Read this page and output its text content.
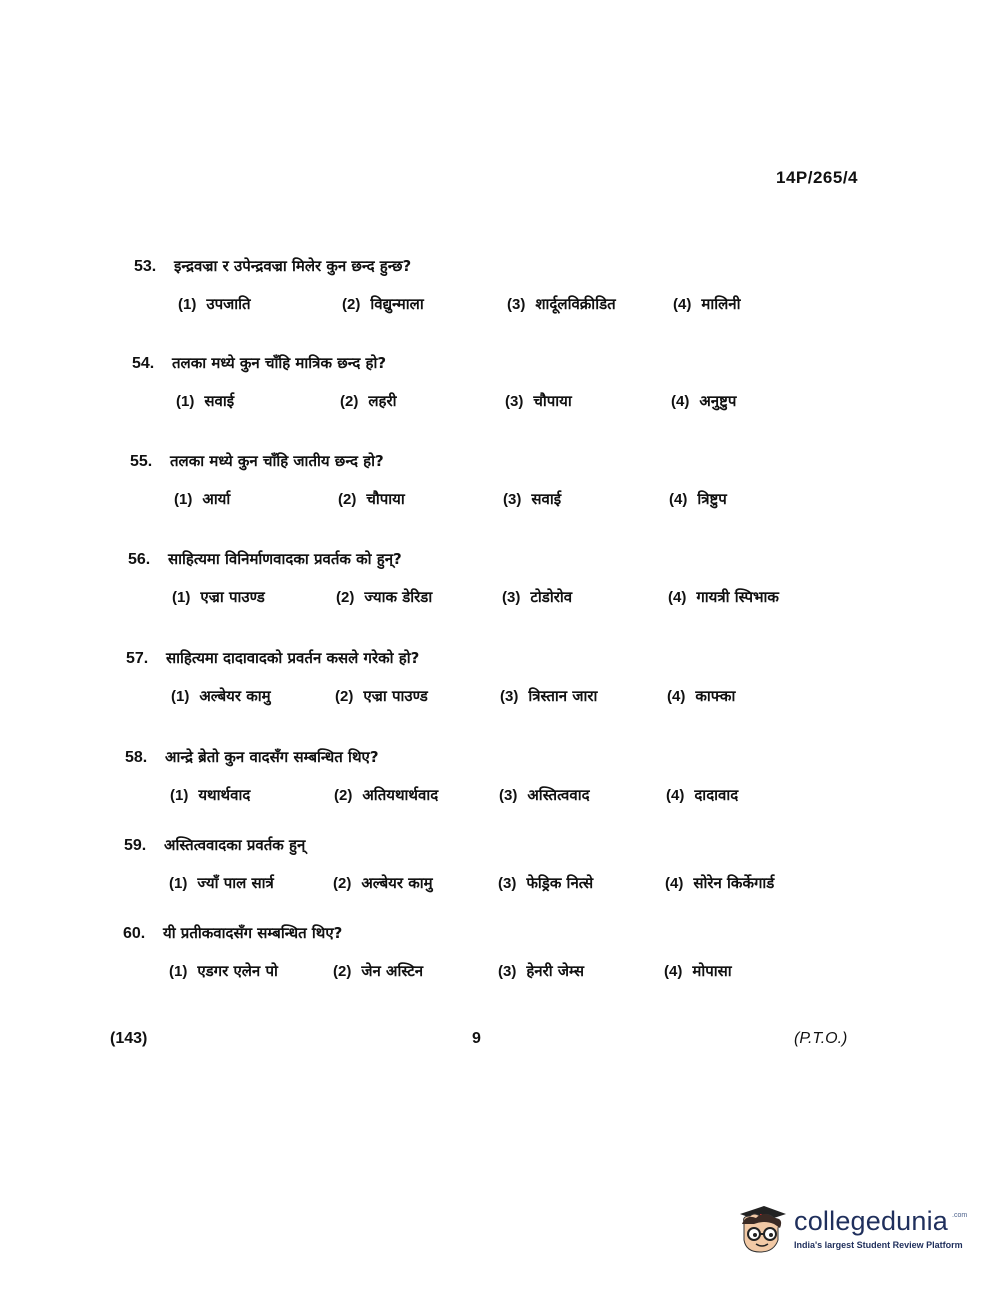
14P/265/4
53.	इन्द्रवज्रा र उपेन्द्रवज्रा मिलेर कुन छन्द हुन्छ?
(1) उपजाति	(2) विद्युन्माला	(3) शार्दूलविक्रीडित	(4) मालिनी
54.	तलका मध्ये कुन चाँहि मात्रिक छन्द हो?
(1) सवाई	(2) लहरी	(3) चौपाया	(4) अनुष्टुप
55.	तलका मध्ये कुन चाँहि जातीय छन्द हो?
(1) आर्या	(2) चौपाया	(3) सवाई	(4) त्रिष्टुप
56.	साहित्यमा विनिर्माणवादका प्रवर्तक को हुन्?
(1) एज्रा पाउण्ड	(2) ज्याक डेरिडा	(3) टोडोरोव	(4) गायत्री स्पिभाक
57.	साहित्यमा दादावादको प्रवर्तन कसले गरेको हो?
(1) अल्बेयर कामु	(2) एज्रा पाउण्ड	(3) त्रिस्तान जारा	(4) काफ्का
58.	आन्द्रे ब्रेतो कुन वादसँग सम्बन्धित थिए?
(1) यथार्थवाद	(2) अतियथार्थवाद	(3) अस्तित्ववाद	(4) दादावाद
59.	अस्तित्ववादका प्रवर्तक हुन्
(1) ज्याँ पाल सार्त्र	(2) अल्बेयर कामु	(3) फेड्रिक नित्से	(4) सोरेन किर्केगार्ड
60.	यी प्रतीकवादसँग सम्बन्धित थिए?
(1) एडगर एलेन पो	(2) जेन अस्टिन	(3) हेनरी जेम्स	(4) मोपासा
(143)	9	(P.T.O.)
collegedunia .com
India's largest Student Review Platform
